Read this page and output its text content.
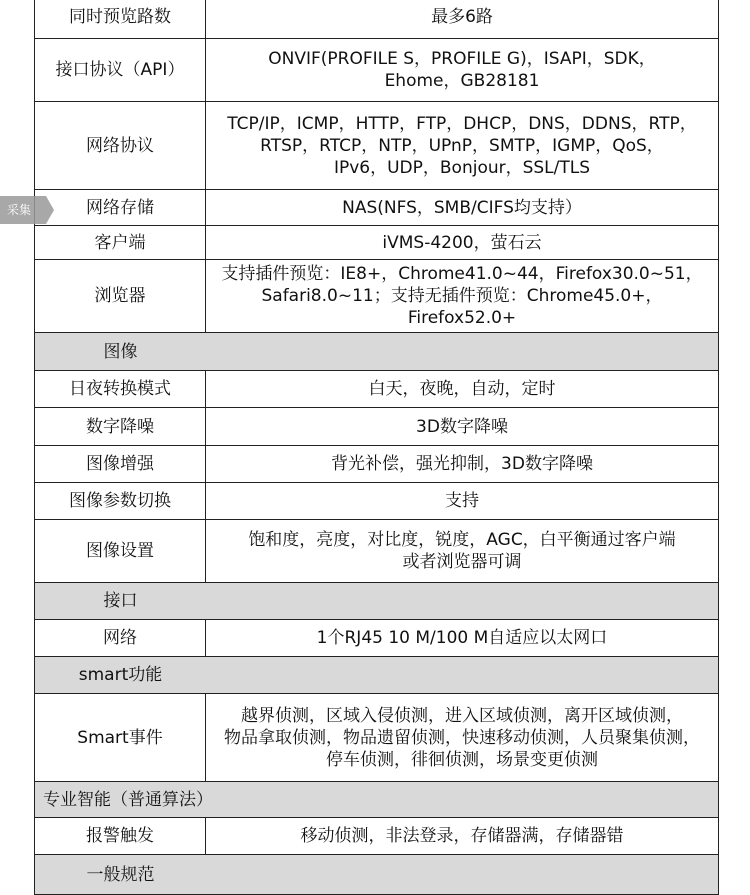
同时预览路数	最多6路
接口协议（API）	ONVIF(PROFILE S，PROFILE G)，ISAPI，SDK，
Ehome，GB28181
网络协议	TCP/IP，ICMP，HTTP，FTP，DHCP，DNS，DDNS，RTP，
RTSP，RTCP，NTP，UPnP，SMTP，IGMP，QoS，
IPv6，UDP，Bonjour，SSL/TLS
网络存储	NAS(NFS，SMB/CIFS均支持）
客户端	iVMS-4200，萤石云
浏览器	支持插件预览：IE8+，Chrome41.0~44，Firefox30.0~51，
Safari8.0~11；支持无插件预览：Chrome45.0+，Firefox52.0+
图像	
日夜转换模式	白天，夜晚，自动，定时
数字降噪	3D数字降噪
图像增强	背光补偿，强光抑制，3D数字降噪
图像参数切换	支持
图像设置	饱和度，亮度，对比度，锐度，AGC，白平衡通过客户端
或者浏览器可调
接口	
网络	1个RJ45 10 M/100 M自适应以太网口
smart功能	
Smart事件	越界侦测，区域入侵侦测，进入区域侦测，离开区域侦测，
物品拿取侦测，物品遗留侦测，快速移动侦测，人员聚集侦测，
停车侦测，徘徊侦测，场景变更侦测
专业智能（普通算法）	
报警触发	移动侦测，非法登录，存储器满，存储器错
一般规范	
采集
